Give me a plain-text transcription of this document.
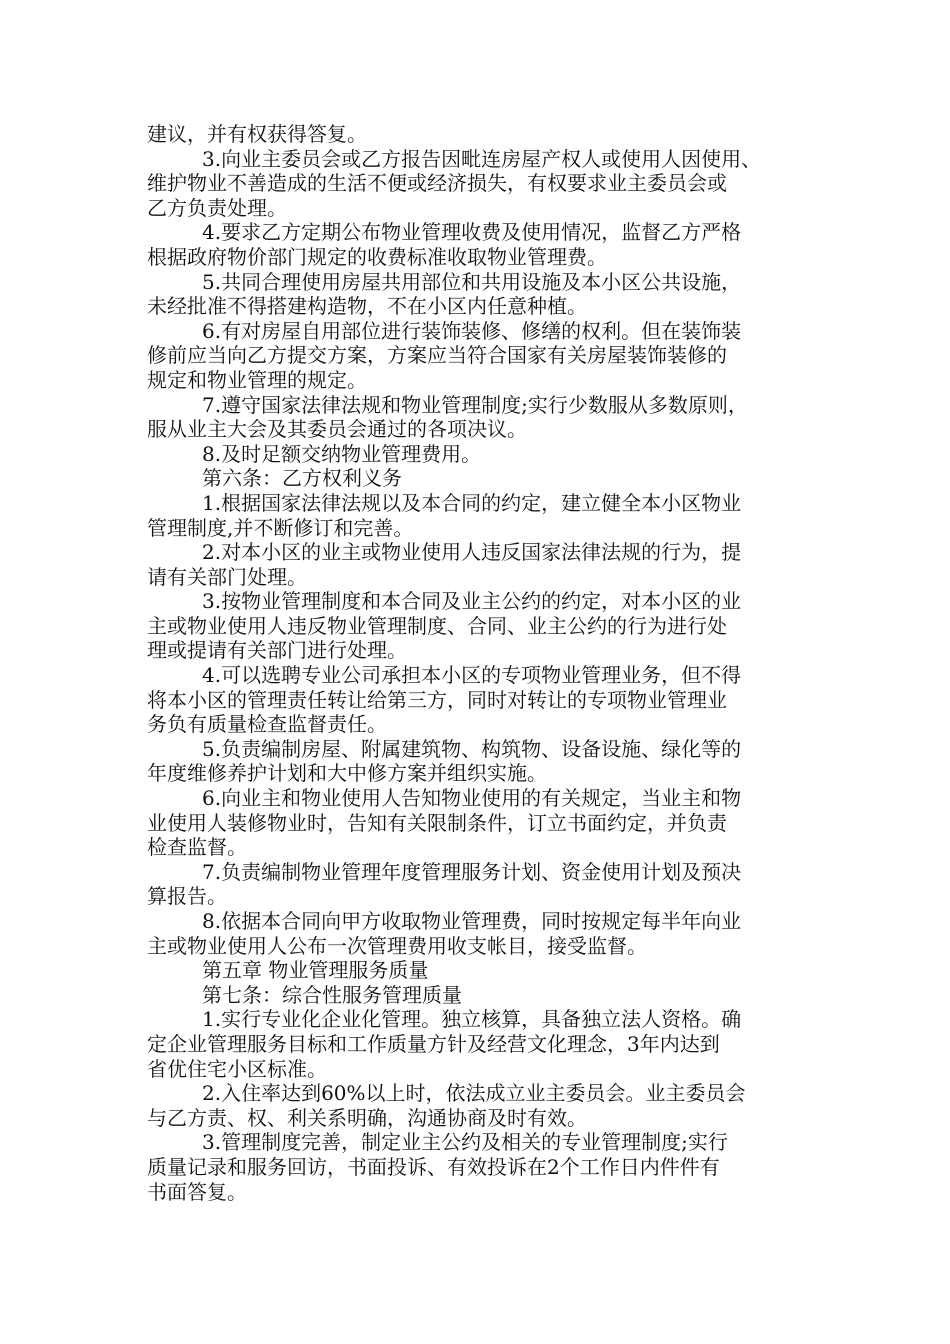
建议，并有权获得答复。
3.向业主委员会或乙方报告因毗连房屋产权人或使用人因使用、
维护物业不善造成的生活不便或经济损失，有权要求业主委员会或
乙方负责处理。
4.要求乙方定期公布物业管理收费及使用情况，监督乙方严格
根据政府物价部门规定的收费标准收取物业管理费。
5.共同合理使用房屋共用部位和共用设施及本小区公共设施，
未经批准不得搭建构造物，不在小区内任意种植。
6.有对房屋自用部位进行装饰装修、修缮的权利。但在装饰装
修前应当向乙方提交方案，方案应当符合国家有关房屋装饰装修的
规定和物业管理的规定。
7.遵守国家法律法规和物业管理制度;实行少数服从多数原则，
服从业主大会及其委员会通过的各项决议。
8.及时足额交纳物业管理费用。
第六条：乙方权利义务
1.根据国家法律法规以及本合同的约定，建立健全本小区物业
管理制度,并不断修订和完善。
2.对本小区的业主或物业使用人违反国家法律法规的行为，提
请有关部门处理。
3.按物业管理制度和本合同及业主公约的约定，对本小区的业
主或物业使用人违反物业管理制度、合同、业主公约的行为进行处
理或提请有关部门进行处理。
4.可以选聘专业公司承担本小区的专项物业管理业务，但不得
将本小区的管理责任转让给第三方，同时对转让的专项物业管理业
务负有质量检查监督责任。
5.负责编制房屋、附属建筑物、构筑物、设备设施、绿化等的
年度维修养护计划和大中修方案并组织实施。
6.向业主和物业使用人告知物业使用的有关规定，当业主和物
业使用人装修物业时，告知有关限制条件，订立书面约定，并负责
检查监督。
7.负责编制物业管理年度管理服务计划、资金使用计划及预决
算报告。
8.依据本合同向甲方收取物业管理费，同时按规定每半年向业
主或物业使用人公布一次管理费用收支帐目，接受监督。
第五章 物业管理服务质量
第七条：综合性服务管理质量
1.实行专业化企业化管理。独立核算，具备独立法人资格。确
定企业管理服务目标和工作质量方针及经营文化理念，3年内达到
省优住宅小区标准。
2.入住率达到60%以上时，依法成立业主委员会。业主委员会
与乙方责、权、利关系明确，沟通协商及时有效。
3.管理制度完善，制定业主公约及相关的专业管理制度;实行
质量记录和服务回访，书面投诉、有效投诉在2个工作日内件件有
书面答复。
